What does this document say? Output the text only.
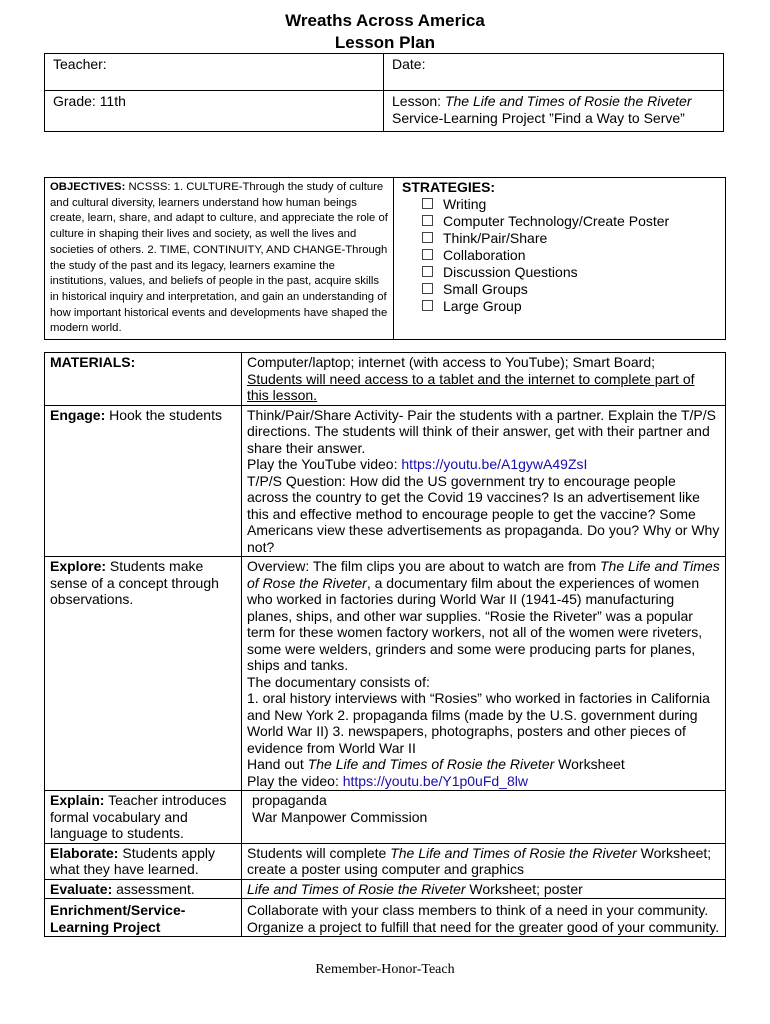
Wreaths Across America
Lesson Plan
Teacher:	Date:
Grade: 11th	Lesson: The Life and Times of Rosie the Riveter
Service-Learning Project ”Find a Way to Serve”
OBJECTIVES: NCSSS: 1. CULTURE-Through the study of culture and cultural diversity, learners understand how human beings create, learn, share, and adapt to culture, and appreciate the role of culture in shaping their lives and society, as well the lives and societies of others. 2. TIME, CONTINUITY, AND CHANGE-Through the study of the past and its legacy, learners examine the institutions, values, and beliefs of people in the past, acquire skills in historical inquiry and interpretation, and gain an understanding of how important historical events and developments have shaped the modern world.	STRATEGIES:
Writing
Computer Technology/Create Poster
Think/Pair/Share
Collaboration
Discussion Questions
Small Groups
Large Group
MATERIALS:	Computer/laptop; internet (with access to YouTube); Smart Board;
Students will need access to a tablet and the internet to complete part of this lesson.
Engage: Hook the students	Think/Pair/Share Activity- Pair the students with a partner. Explain the T/P/S directions. The students will think of their answer, get with their partner and share their answer.
Play the YouTube video: https://youtu.be/A1gywA49ZsI
T/P/S Question: How did the US government try to encourage people across the country to get the Covid 19 vaccines? Is an advertisement like this and effective method to encourage people to get the vaccine? Some Americans view these advertisements as propaganda. Do you? Why or Why not?
Explore: Students make sense of a concept through observations.	Overview: The film clips you are about to watch are from The Life and Times of Rose the Riveter, a documentary film about the experiences of women who worked in factories during World War II (1941-45) manufacturing planes, ships, and other war supplies. “Rosie the Riveter” was a popular term for these women factory workers, not all of the women were riveters, some were welders, grinders and some were producing parts for planes, ships and tanks.
The documentary consists of:
1. oral history interviews with “Rosies” who worked in factories in California and New York 2. propaganda films (made by the U.S. government during World War II) 3. newspapers, photographs, posters and other pieces of evidence from World War II
Hand out The Life and Times of Rosie the Riveter Worksheet
Play the video: https://youtu.be/Y1p0uFd_8lw
Explain: Teacher introduces formal vocabulary and language to students.	propaganda
War Manpower Commission
Elaborate: Students apply what they have learned.	Students will complete The Life and Times of Rosie the Riveter Worksheet; create a poster using computer and graphics
Evaluate: assessment.	Life and Times of Rosie the Riveter Worksheet; poster
Enrichment/Service-Learning Project	Collaborate with your class members to think of a need in your community. Organize a project to fulfill that need for the greater good of your community.
Remember-Honor-Teach
